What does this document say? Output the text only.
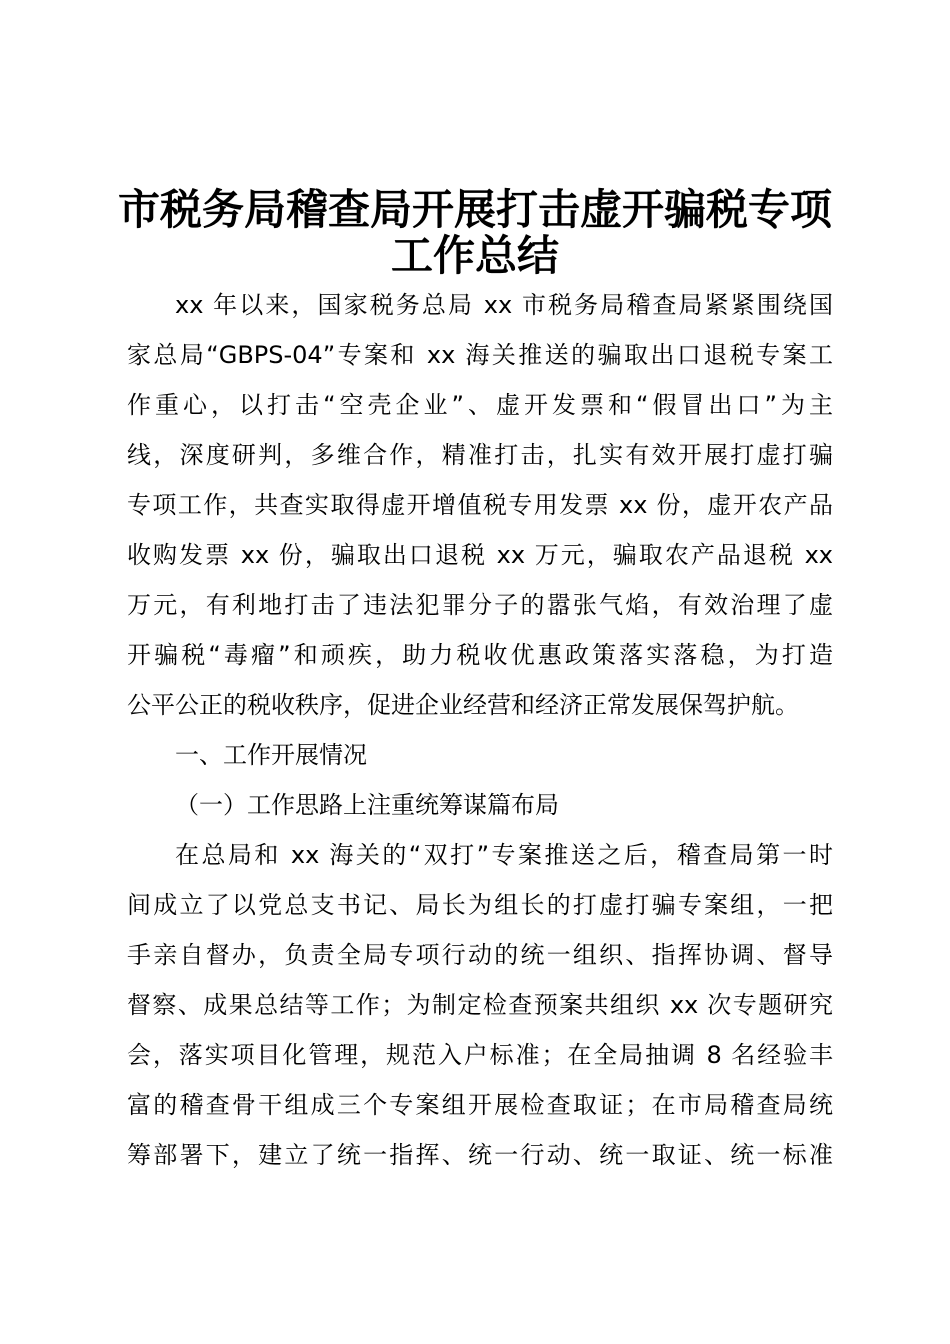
市税务局稽查局开展打击虚开骗税专项
工作总结
xx 年以来，国家税务总局 xx 市税务局稽查局紧紧围绕国
家总局“GBPS-04”专案和 xx 海关推送的骗取出口退税专案工
作重心，以打击“空壳企业”、虚开发票和“假冒出口”为主
线，深度研判，多维合作，精准打击，扎实有效开展打虚打骗
专项工作，共查实取得虚开增值税专用发票 xx 份，虚开农产品
收购发票 xx 份，骗取出口退税 xx 万元，骗取农产品退税 xx
万元，有利地打击了违法犯罪分子的嚣张气焰，有效治理了虚
开骗税“毒瘤”和顽疾，助力税收优惠政策落实落稳，为打造
公平公正的税收秩序，促进企业经营和经济正常发展保驾护航。
一、工作开展情况
（一）工作思路上注重统筹谋篇布局
在总局和 xx 海关的“双打”专案推送之后，稽查局第一时
间成立了以党总支书记、局长为组长的打虚打骗专案组，一把
手亲自督办，负责全局专项行动的统一组织、指挥协调、督导
督察、成果总结等工作；为制定检查预案共组织 xx 次专题研究
会，落实项目化管理，规范入户标准；在全局抽调 8 名经验丰
富的稽查骨干组成三个专案组开展检查取证；在市局稽查局统
筹部署下，建立了统一指挥、统一行动、统一取证、统一标准
